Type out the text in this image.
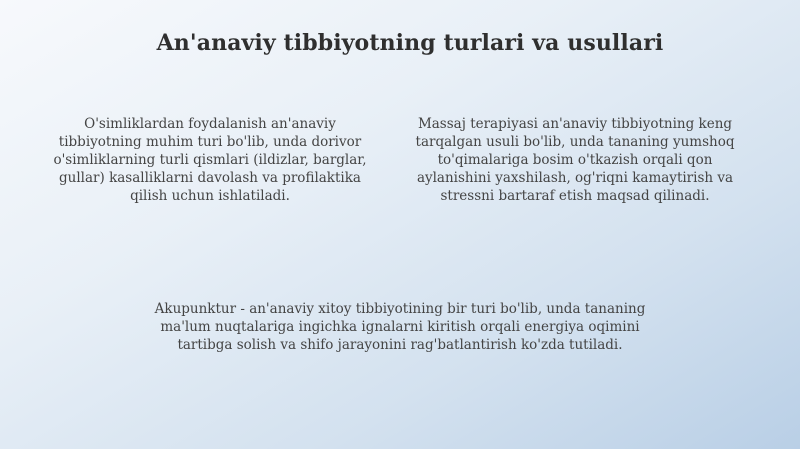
An'anaviy tibbiyotning turlari va usullari
O'simliklardan foydalanish an'anaviy tibbiyotning muhim turi bo'lib, unda dorivor o'simliklarning turli qismlari (ildizlar, barglar, gullar) kasalliklarni davolash va profilaktika qilish uchun ishlatiladi.
Massaj terapiyasi an'anaviy tibbiyotning keng tarqalgan usuli bo'lib, unda tananing yumshoq to'qimalariga bosim o'tkazish orqali qon aylanishini yaxshilash, og'riqni kamaytirish va stressni bartaraf etish maqsad qilinadi.
Akupunktur - an'anaviy xitoy tibbiyotining bir turi bo'lib, unda tananing ma'lum nuqtalariga ingichka ignalarni kiritish orqali energiya oqimini tartibga solish va shifo jarayonini rag'batlantirish ko'zda tutiladi.
